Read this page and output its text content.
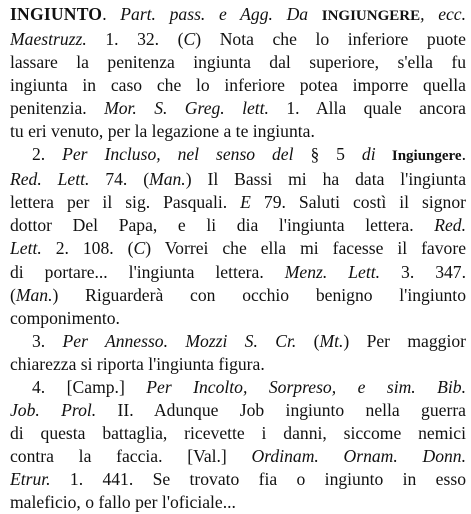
INGIUNTO. Part. pass. e Agg. Da INGIUNGERE, ecc.
Maestruzz. 1. 32. (C) Nota che lo inferiore puote
lassare la penitenza ingiunta dal superiore, s'ella fu
ingiunta in caso che lo inferiore potea imporre quella
penitenzia. Mor. S. Greg. lett. 1. Alla quale ancora
tu eri venuto, per la legazione a te ingiunta.
2. Per Incluso, nel senso del § 5 di Ingiungere.
Red. Lett. 74. (Man.) Il Bassi mi ha data l'ingiunta
lettera per il sig. Pasquali. E 79. Saluti costì il signor
dottor Del Papa, e li dia l'ingiunta lettera. Red.
Lett. 2. 108. (C) Vorrei che ella mi facesse il favore
di portare... l'ingiunta lettera. Menz. Lett. 3. 347.
(Man.) Riguarderà con occhio benigno l'ingiunto
componimento.
3. Per Annesso. Mozzi S. Cr. (Mt.) Per maggior
chiarezza si riporta l'ingiunta figura.
4. [Camp.] Per Incolto, Sorpreso, e sim. Bib.
Job. Prol. II. Adunque Job ingiunto nella guerra
di questa battaglia, ricevette i danni, siccome nemici
contra la faccia. [Val.] Ordinam. Ornam. Donn.
Etrur. 1. 441. Se trovato fia o ingiunto in esso
maleficio, o fallo per l'oficiale...
